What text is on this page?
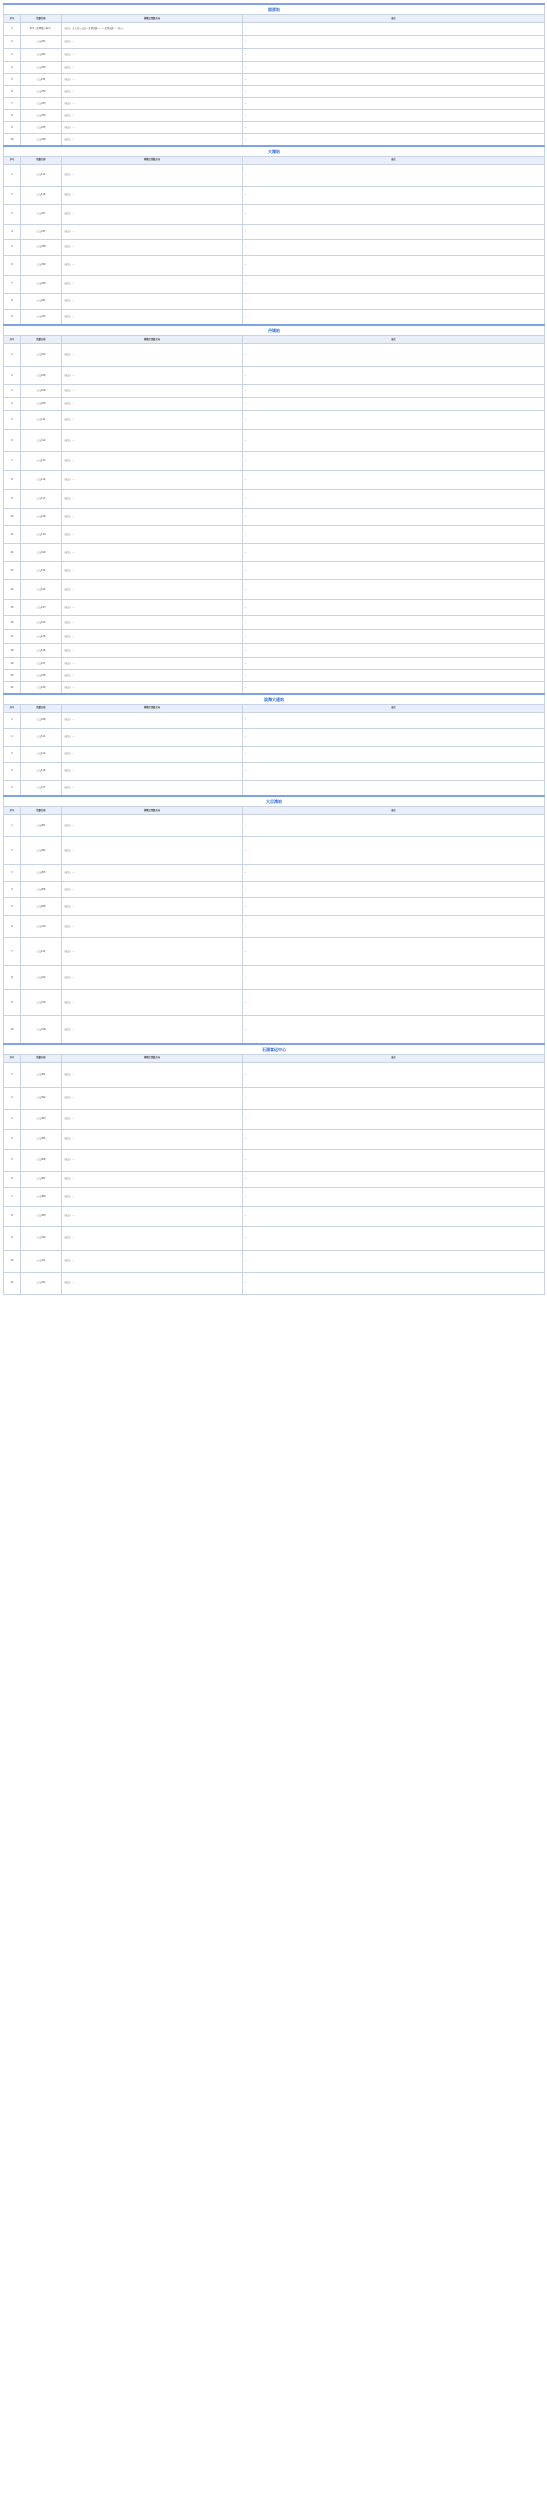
固原站			
序号	线路名称	调整后线路走向	备注
1	221（原调整后221）	（起点）火车站公交站—北塘北路—…—北塘南路…（终点）	…
2	公交221	（起点）…	…
3	公交222	（起点）…	…
4	公交230	（起点）…	…
5	公交231	（起点）…	…
6	公交232	（起点）…	…
7	公交233	（起点）…	…
8	公交234	（起点）…	…
9	公交235	（起点）…	…
10	公交236	（起点）…	…
大湖站			
序号	线路名称	调整后线路走向	备注
1	公交114	（起点）…	…
2	公交116	（起点）…	…
3	公交227	（起点）…	…
4	公交237	（起点）…	…
5	公交238	（起点）…	…
6	公交239	（起点）…	…
7	公交240	（起点）…	…
8	公交241	（起点）…	…
9	公交243	（起点）…	…
丹城站			
序号	线路名称	调整后线路走向	备注
1	公交104	（起点）…	…
2	公交106	（起点）…	…
3	公交108	（起点）…	…
4	公交109	（起点）…	…
5	公交111	（起点）…	…
6	公交112	（起点）…	…
7	公交113	（起点）…	…
8	公交114	（起点）…	…
9	公交117	（起点）…	…
10	公交118	（起点）…	…
11	公交119	（起点）…	…
12	公交120	（起点）…	…
13	公交121	（起点）…	…
14	公交122	（起点）…	…
15	公交123	（起点）…	…
16	公交124	（起点）…	…
17	公交125	（起点）…	…
18	公交126	（起点）…	…
19	公交127	（起点）…	…
20	公交128	（起点）…	…
21	公交129	（起点）…	…
滨海大道站			
序号	线路名称	调整后线路走向	备注
1	公交106	（起点）…	…
2	公交111	（起点）…	…
3	公交114	（起点）…	…
4	公交116	（起点）…	…
5	公交117	（起点）…	…
大目湾站			
序号	线路名称	调整后线路走向	备注
1	公交201	（起点）…	…
2	公交202	（起点）…	…
3	公交205	（起点）…	…
4	公交206	（起点）…	…
5	公交208	（起点）…	…
6	公交210	（起点）…	…
7	公交212	（起点）…	…
8	公交214	（起点）…	…
9	公交216	（起点）…	…
10	公交218	（起点）…	…
石浦客运中心			
序号	线路名称	调整后线路走向	备注
1	公交301	（起点）…	…
2	公交302	（起点）…	…
3	公交303	（起点）…	…
4	公交305	（起点）…	…
5	公交306	（起点）…	…
6	公交307	（起点）…	…
7	公交308	（起点）…	…
8	公交309	（起点）…	…
9	公交310	（起点）…	…
10	公交311	（起点）…	…
11	公交312	（起点）…	…
